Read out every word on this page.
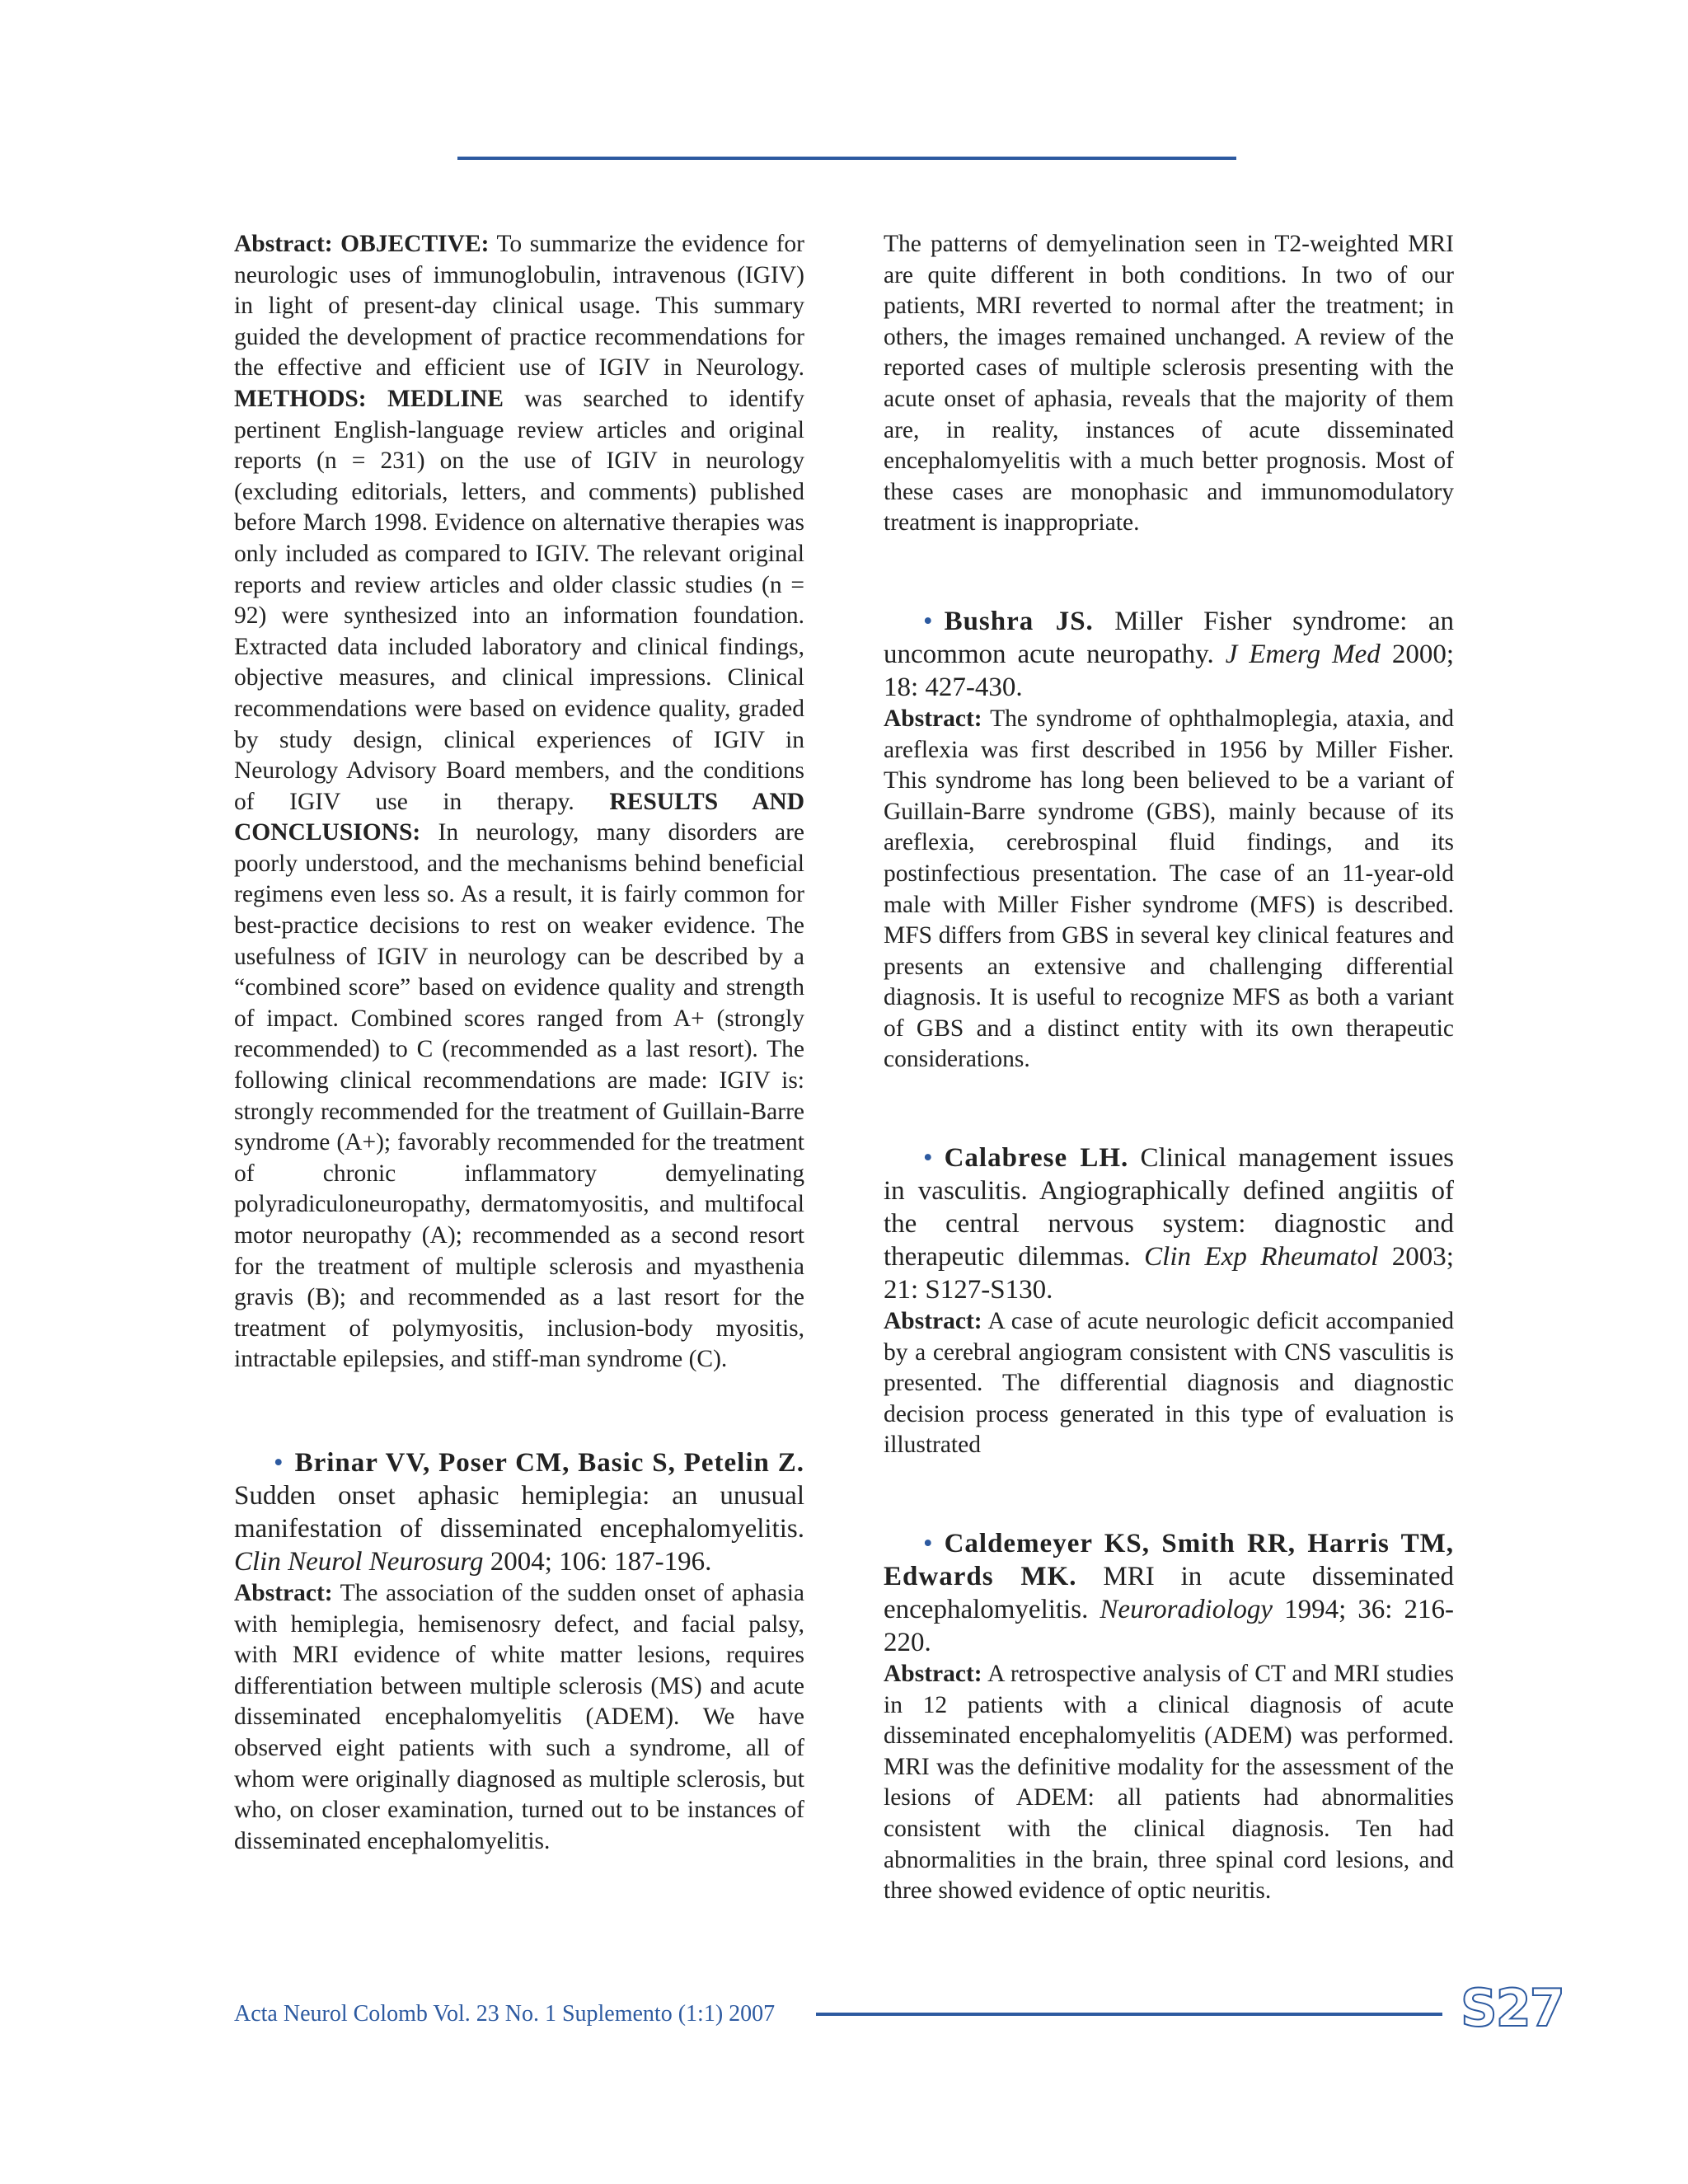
Abstract: OBJECTIVE: To summarize the evidence for neurologic uses of immunoglobulin, intravenous (IGIV) in light of present-day clinical usage. This summary guided the development of practice recommendations for the effective and efficient use of IGIV in Neurology. METHODS: MEDLINE was searched to identify pertinent English-language review articles and original reports (n = 231) on the use of IGIV in neurology (excluding editorials, letters, and comments) published before March 1998. Evidence on alternative therapies was only included as compared to IGIV. The relevant original reports and review articles and older classic studies (n = 92) were synthesized into an information foundation. Extracted data included laboratory and clinical findings, objective measures, and clinical impressions. Clinical recommendations were based on evidence quality, graded by study design, clinical experiences of IGIV in Neurology Advisory Board members, and the conditions of IGIV use in therapy. RESULTS AND CONCLUSIONS: In neurology, many disorders are poorly understood, and the mechanisms behind beneficial regimens even less so. As a result, it is fairly common for best-practice decisions to rest on weaker evidence. The usefulness of IGIV in neurology can be described by a “combined score” based on evidence quality and strength of impact. Combined scores ranged from A+ (strongly recommended) to C (recommended as a last resort). The following clinical recommendations are made: IGIV is: strongly recommended for the treatment of Guillain-Barre syndrome (A+); favorably recommended for the treatment of chronic inflammatory demyelinating polyradiculoneuropathy, dermatomyositis, and multifocal motor neuropathy (A); recommended as a second resort for the treatment of multiple sclerosis and myasthenia gravis (B); and recommended as a last resort for the treatment of polymyositis, inclusion-body myositis, intractable epilepsies, and stiff-man syndrome (C).

• Brinar VV, Poser CM, Basic S, Petelin Z. Sudden onset aphasic hemiplegia: an unusual manifestation of disseminated encephalomyelitis. Clin Neurol Neurosurg 2004; 106: 187-196.

Abstract: The association of the sudden onset of aphasia with hemiplegia, hemisenosry defect, and facial palsy, with MRI evidence of white matter lesions, requires differentiation between multiple sclerosis (MS) and acute disseminated encephalomyelitis (ADEM). We have observed eight patients with such a syndrome, all of whom were originally diagnosed as multiple sclerosis, but who, on closer examination, turned out to be instances of disseminated encephalomyelitis.

The patterns of demyelination seen in T2-weighted MRI are quite different in both conditions. In two of our patients, MRI reverted to normal after the treatment; in others, the images remained unchanged. A review of the reported cases of multiple sclerosis presenting with the acute onset of aphasia, reveals that the majority of them are, in reality, instances of acute disseminated encephalomyelitis with a much better prognosis. Most of these cases are monophasic and immunomodulatory treatment is inappropriate.

• Bushra JS. Miller Fisher syndrome: an uncommon acute neuropathy. J Emerg Med 2000; 18: 427-430.

Abstract: The syndrome of ophthalmoplegia, ataxia, and areflexia was first described in 1956 by Miller Fisher. This syndrome has long been believed to be a variant of Guillain-Barre syndrome (GBS), mainly because of its areflexia, cerebrospinal fluid findings, and its postinfectious presentation. The case of an 11-year-old male with Miller Fisher syndrome (MFS) is described. MFS differs from GBS in several key clinical features and presents an extensive and challenging differential diagnosis. It is useful to recognize MFS as both a variant of GBS and a distinct entity with its own therapeutic considerations.

• Calabrese LH. Clinical management issues in vasculitis. Angiographically defined angiitis of the central nervous system: diagnostic and therapeutic dilemmas. Clin Exp Rheumatol 2003; 21: S127-S130.

Abstract: A case of acute neurologic deficit accompanied by a cerebral angiogram consistent with CNS vasculitis is presented. The differential diagnosis and diagnostic decision process generated in this type of evaluation is illustrated

• Caldemeyer KS, Smith RR, Harris TM, Edwards MK. MRI in acute disseminated encephalomyelitis. Neuroradiology 1994; 36: 216-220.

Abstract: A retrospective analysis of CT and MRI studies in 12 patients with a clinical diagnosis of acute disseminated encephalomyelitis (ADEM) was performed. MRI was the definitive modality for the assessment of the lesions of ADEM: all patients had abnormalities consistent with the clinical diagnosis. Ten had abnormalities in the brain, three spinal cord lesions, and three showed evidence of optic neuritis.

Acta Neurol Colomb Vol. 23 No. 1 Suplemento (1:1) 2007	S27
